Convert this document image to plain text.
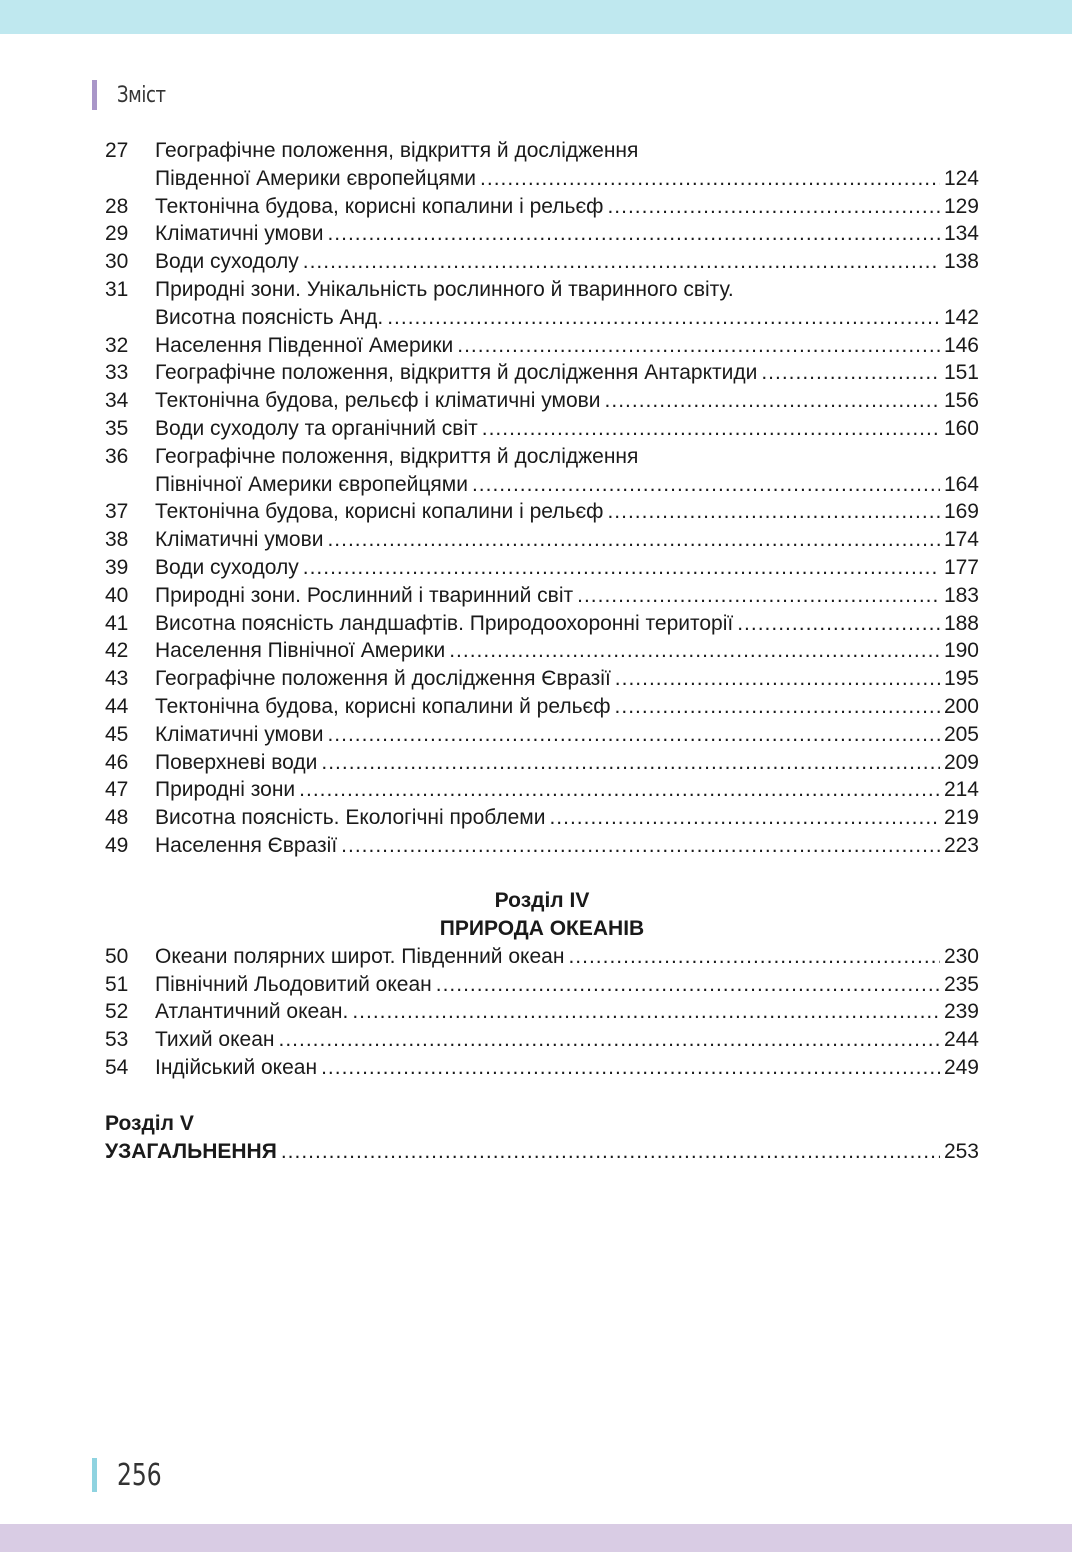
Зміст
27	Географічне положення, відкриття й дослідження
Південної Америки європейцями .....	124
28	Тектонічна будова, корисні копалини і рельєф .....	129
29	Кліматичні умови .....	134
30	Води суходолу .....	138
31	Природні зони. Унікальність рослинного й тваринного світу.
Висотна поясність Анд. .....	142
32	Населення Південної Америки .....	146
33	Географічне положення, відкриття й дослідження Антарктиди .....	151
34	Тектонічна будова, рельєф і кліматичні умови .....	156
35	Води суходолу та органічний світ .....	160
36	Географічне положення, відкриття й дослідження
Північної Америки європейцями .....	164
37	Тектонічна будова, корисні копалини і рельєф .....	169
38	Кліматичні умови .....	174
39	Води суходолу .....	177
40	Природні зони. Рослинний і тваринний світ .....	183
41	Висотна поясність ландшафтів. Природоохоронні території .....	188
42	Населення Північної Америки .....	190
43	Географічне положення й дослідження Євразії .....	195
44	Тектонічна будова, корисні копалини й рельєф .....	200
45	Кліматичні умови .....	205
46	Поверхневі води .....	209
47	Природні зони .....	214
48	Висотна поясність. Екологічні проблеми .....	219
49	Населення Євразії .....	223
Розділ IV
ПРИРОДА ОКЕАНІВ
50	Океани полярних широт. Південний океан .....	230
51	Північний Льодовитий океан .....	235
52	Атлантичний океан. .....	239
53	Тихий океан .....	244
54	Індійський океан .....	249
Розділ V
УЗАГАЛЬНЕННЯ .....	253
256
